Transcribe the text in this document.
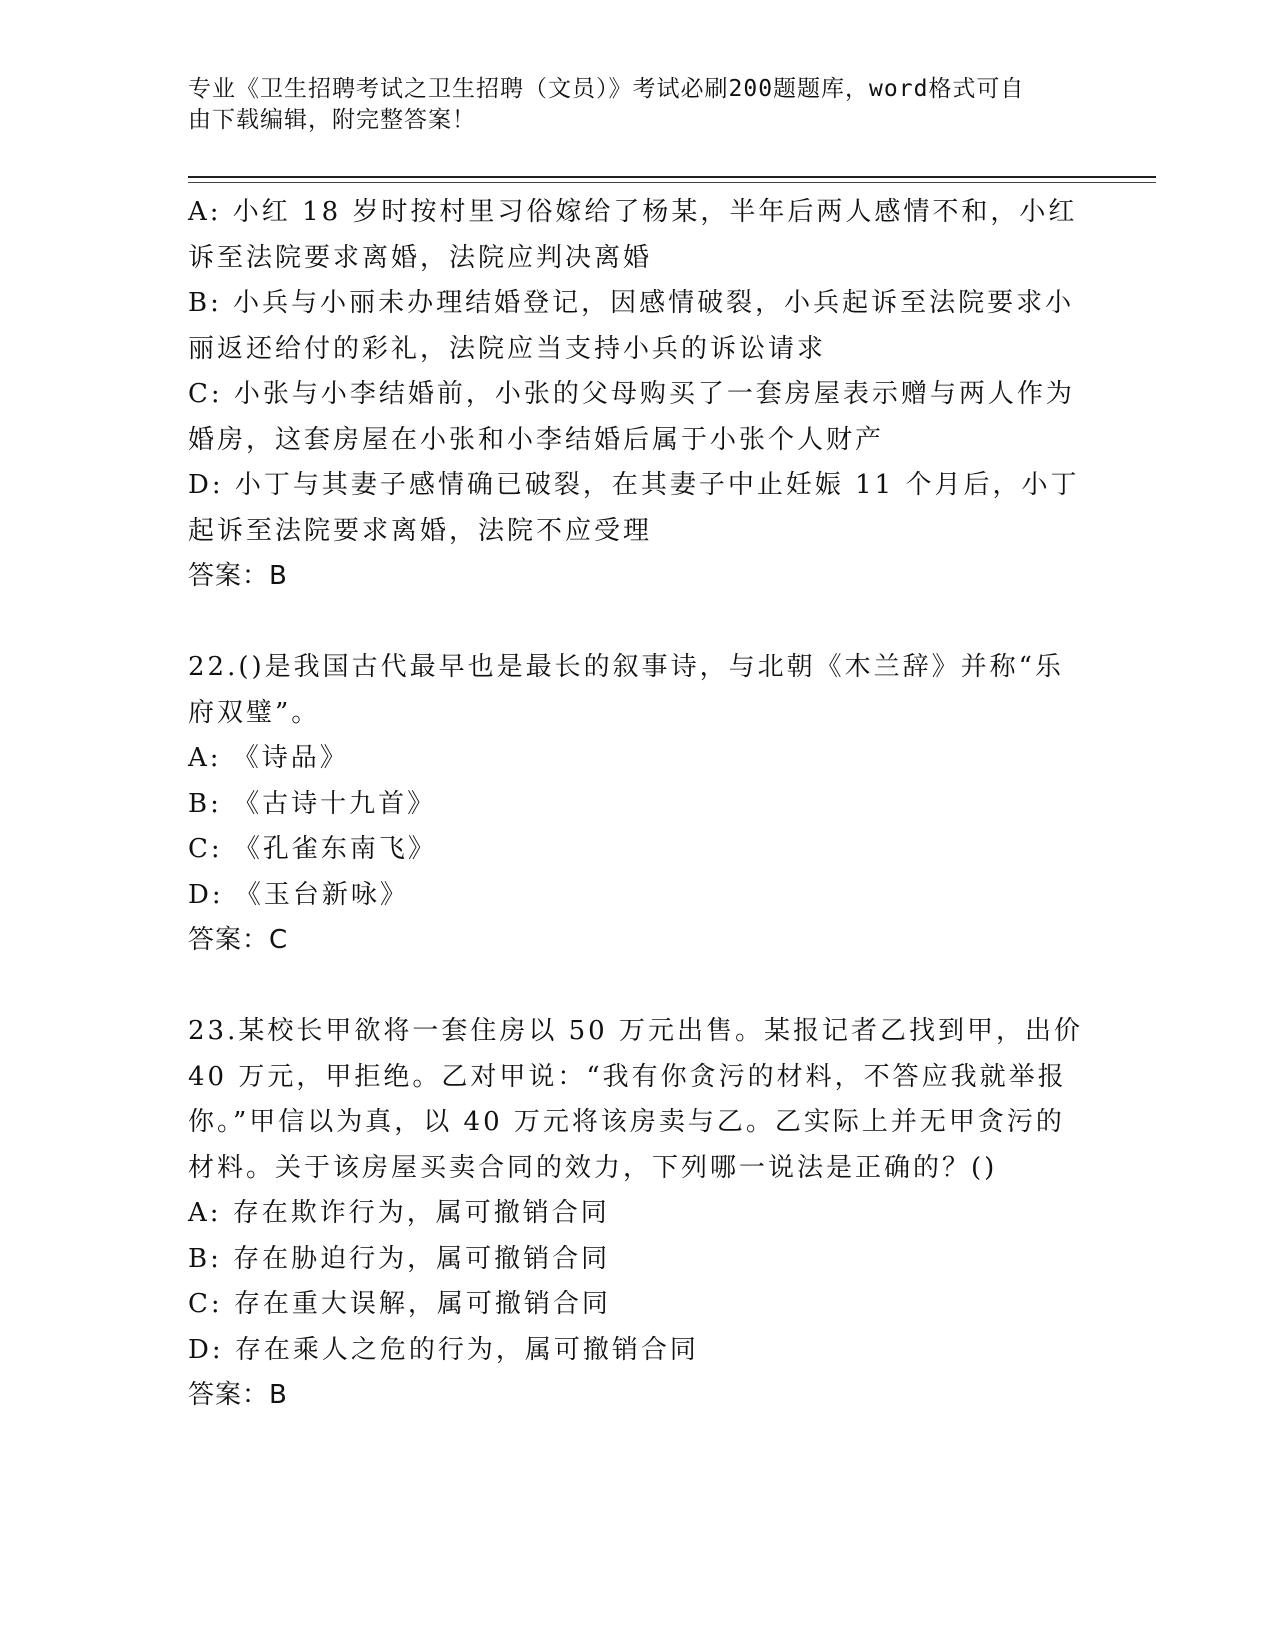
专业《卫生招聘考试之卫生招聘（文员）》考试必刷200题题库，word格式可自
由下载编辑，附完整答案！
A: 小红 18 岁时按村里习俗嫁给了杨某，半年后两人感情不和，小红
诉至法院要求离婚，法院应判决离婚
B: 小兵与小丽未办理结婚登记，因感情破裂，小兵起诉至法院要求小
丽返还给付的彩礼，法院应当支持小兵的诉讼请求
C: 小张与小李结婚前，小张的父母购买了一套房屋表示赠与两人作为
婚房，这套房屋在小张和小李结婚后属于小张个人财产
D: 小丁与其妻子感情确已破裂，在其妻子中止妊娠 11 个月后，小丁
起诉至法院要求离婚，法院不应受理
答案：B
22.()是我国古代最早也是最长的叙事诗，与北朝《木兰辞》并称“乐
府双璧”。
A: 《诗品》
B: 《古诗十九首》
C: 《孔雀东南飞》
D: 《玉台新咏》
答案：C
23.某校长甲欲将一套住房以 50 万元出售。某报记者乙找到甲，出价
40 万元，甲拒绝。乙对甲说：“我有你贪污的材料，不答应我就举报
你。”甲信以为真，以 40 万元将该房卖与乙。乙实际上并无甲贪污的
材料。关于该房屋买卖合同的效力，下列哪一说法是正确的？()
A: 存在欺诈行为，属可撤销合同
B: 存在胁迫行为，属可撤销合同
C: 存在重大误解，属可撤销合同
D: 存在乘人之危的行为，属可撤销合同
答案：B
